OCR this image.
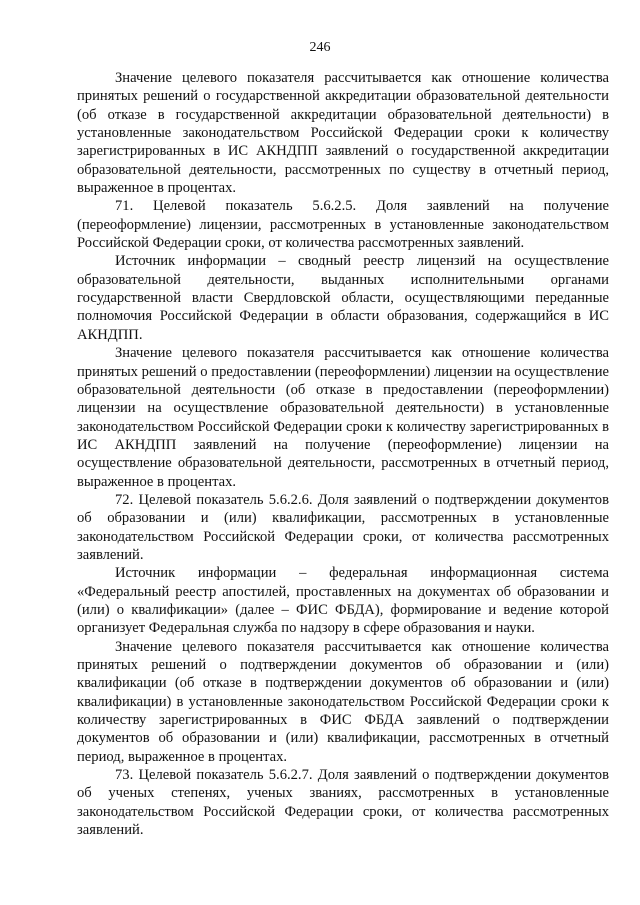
246

Значение целевого показателя рассчитывается как отношение количества принятых решений о государственной аккредитации образовательной деятельности (об отказе в государственной аккредитации образовательной деятельности) в установленные законодательством Российской Федерации сроки к количеству зарегистрированных в ИС АКНДПП заявлений о государственной аккредитации образовательной деятельности, рассмотренных по существу в отчетный период, выраженное в процентах.

71. Целевой показатель 5.6.2.5. Доля заявлений на получение (переоформление) лицензии, рассмотренных в установленные законодательством Российской Федерации сроки, от количества рассмотренных заявлений.

Источник информации – сводный реестр лицензий на осуществление образовательной деятельности, выданных исполнительными органами государственной власти Свердловской области, осуществляющими переданные полномочия Российской Федерации в области образования, содержащийся в ИС АКНДПП.

Значение целевого показателя рассчитывается как отношение количества принятых решений о предоставлении (переоформлении) лицензии на осуществление образовательной деятельности (об отказе в предоставлении (переоформлении) лицензии на осуществление образовательной деятельности) в установленные законодательством Российской Федерации сроки к количеству зарегистрированных в ИС АКНДПП заявлений на получение (переоформление) лицензии на осуществление образовательной деятельности, рассмотренных в отчетный период, выраженное в процентах.

72. Целевой показатель 5.6.2.6. Доля заявлений о подтверждении документов об образовании и (или) квалификации, рассмотренных в установленные законодательством Российской Федерации сроки, от количества рассмотренных заявлений.

Источник информации – федеральная информационная система «Федеральный реестр апостилей, проставленных на документах об образовании и (или) о квалификации» (далее – ФИС ФБДА), формирование и ведение которой организует Федеральная служба по надзору в сфере образования и науки.

Значение целевого показателя рассчитывается как отношение количества принятых решений о подтверждении документов об образовании и (или) квалификации (об отказе в подтверждении документов об образовании и (или) квалификации) в установленные законодательством Российской Федерации сроки к количеству зарегистрированных в ФИС ФБДА заявлений о подтверждении документов об образовании и (или) квалификации, рассмотренных в отчетный период, выраженное в процентах.

73. Целевой показатель 5.6.2.7. Доля заявлений о подтверждении документов об ученых степенях, ученых званиях, рассмотренных в установленные законодательством Российской Федерации сроки, от количества рассмотренных заявлений.
